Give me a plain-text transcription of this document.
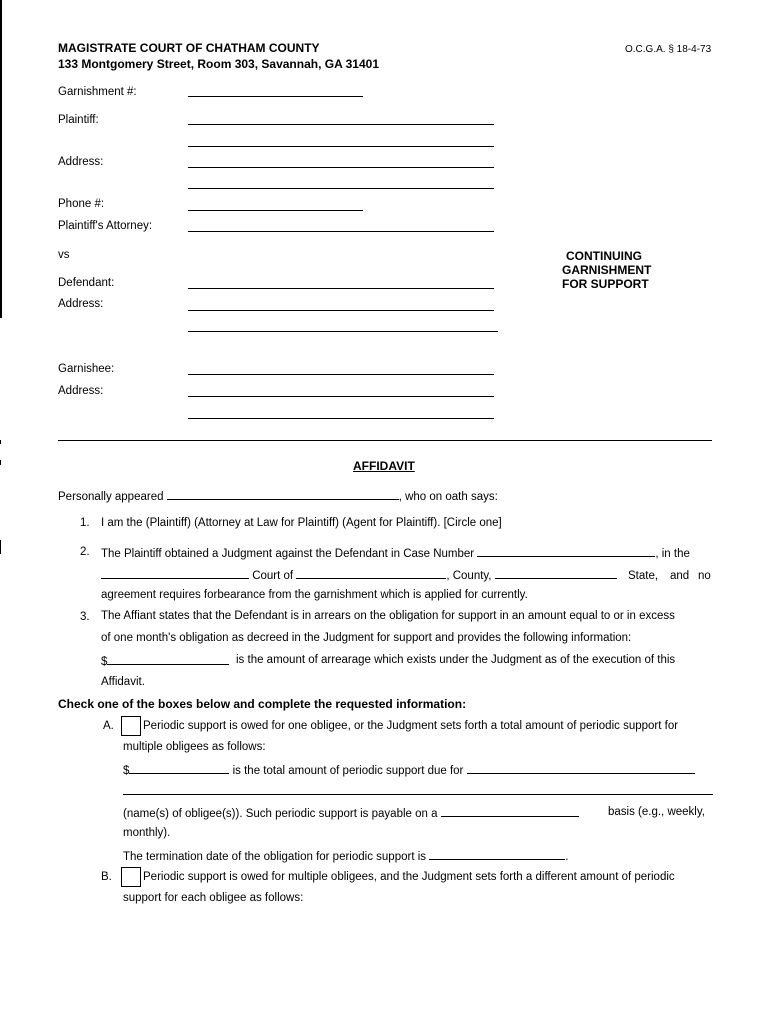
MAGISTRATE COURT OF CHATHAM COUNTY
133 Montgomery Street, Room 303, Savannah, GA 31401
O.C.G.A. § 18-4-73
Garnishment #:
Plaintiff:
Address:
Phone #:
Plaintiff's Attorney:
vs	CONTINUING
GARNISHMENT
FOR SUPPORT
Defendant:
Address:
Garnishee:
Address:
AFFIDAVIT
Personally appeared	, who on oath says:
1. I am the (Plaintiff) (Attorney at Law for Plaintiff) (Agent for Plaintiff). [Circle one]
2. The Plaintiff obtained a Judgment against the Defendant in Case Number	, in the
Court of	, County,	State, and no
agreement requires forbearance from the garnishment which is applied for currently.
3. The Affiant states that the Defendant is in arrears on the obligation for support in an amount equal to or in excess
of one month's obligation as decreed in the Judgment for support and provides the following information:
$	is the amount of arrearage which exists under the Judgment as of the execution of this
Affidavit.
Check one of the boxes below and complete the requested information:
A.	Periodic support is owed for one obligee, or the Judgment sets forth a total amount of periodic support for
multiple obligees as follows:
$	is the total amount of periodic support due for
(name(s) of obligee(s)). Such periodic support is payable on a	basis (e.g., weekly,
monthly).
The termination date of the obligation for periodic support is	.
B.	Periodic support is owed for multiple obligees, and the Judgment sets forth a different amount of periodic
support for each obligee as follows:
